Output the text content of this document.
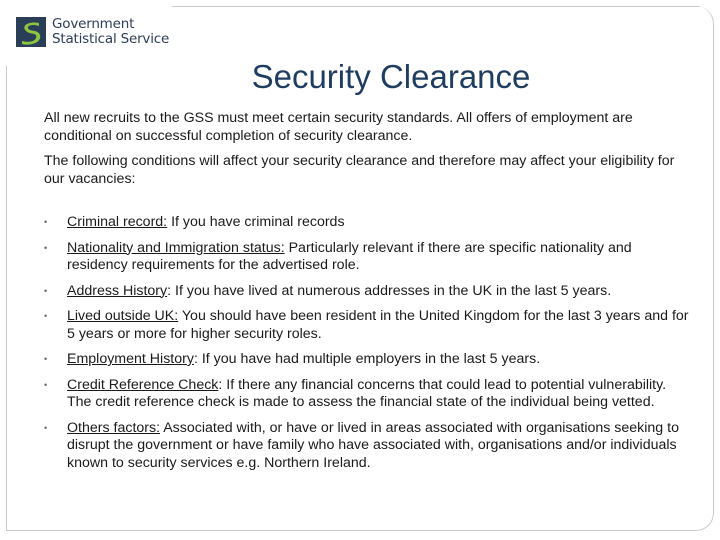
Government
Statistical Service
Security Clearance

All new recruits to the GSS must meet certain security standards. All offers of employment are conditional on successful completion of security clearance.

The following conditions will affect your security clearance and therefore may affect your eligibility for our vacancies:

• Criminal record: If you have criminal records
• Nationality and Immigration status: Particularly relevant if there are specific nationality and residency requirements for the advertised role.
• Address History: If you have lived at numerous addresses in the UK in the last 5 years.
• Lived outside UK: You should have been resident in the United Kingdom for the last 3 years and for 5 years or more for higher security roles.
• Employment History: If you have had multiple employers in the last 5 years.
• Credit Reference Check: If there any financial concerns that could lead to potential vulnerability. The credit reference check is made to assess the financial state of the individual being vetted.
• Others factors: Associated with, or have or lived in areas associated with organisations seeking to disrupt the government or have family who have associated with, organisations and/or individuals known to security services e.g. Northern Ireland.
